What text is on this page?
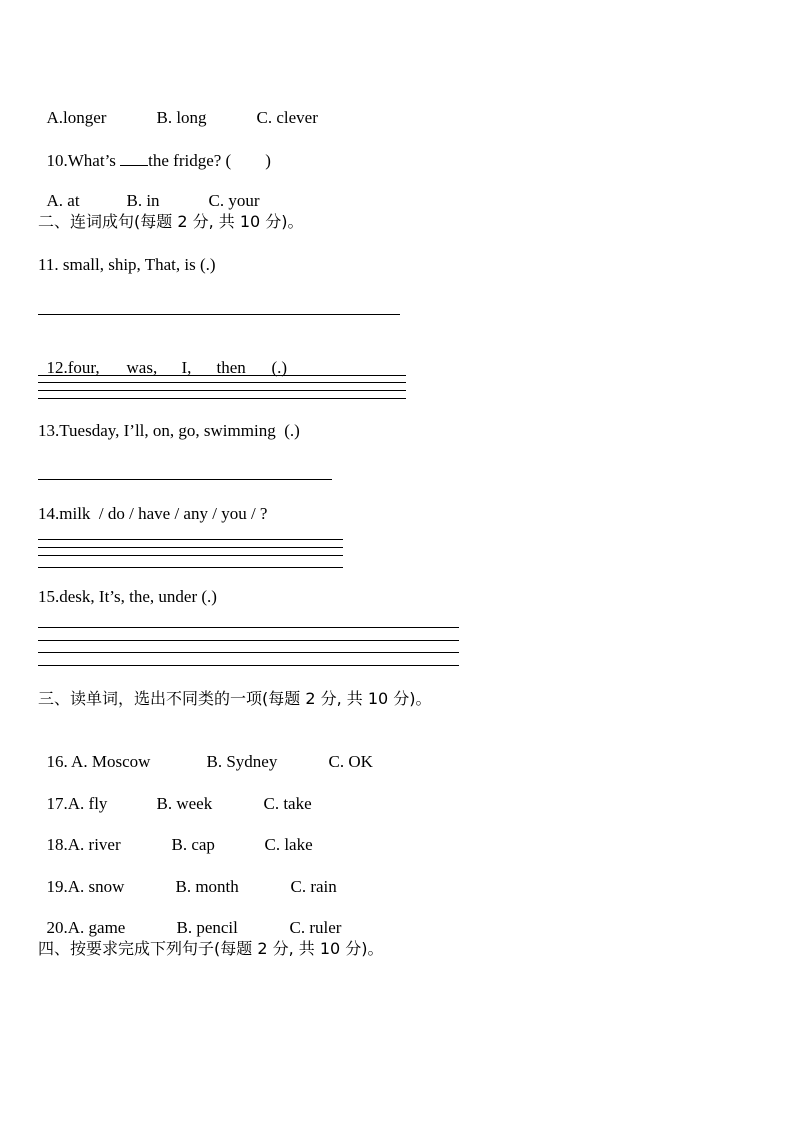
A.longer	B. long	C. clever

10.What’s the fridge? (        )

A. at	B. in	C. your

二、连词成句(每题 2 分, 共 10 分)。
11. small, ship, That, is (.)

12.four, was, I, then (.)

13.Tuesday, I’ll, on, go, swimming  (.)
14.milk  / do / have / any / you / ?
15.desk, It’s, the, under (.)
三、读单词，选出不同类的一项(每题 2 分, 共 10 分)。

16. A. Moscow	B. Sydney	C. OK

17.A. fly	B. week	C. take

18.A. river	B. cap	C. lake

19.A. snow	B. month	C. rain

20.A. game	B. pencil	C. ruler

四、按要求完成下列句子(每题 2 分, 共 10 分)。
